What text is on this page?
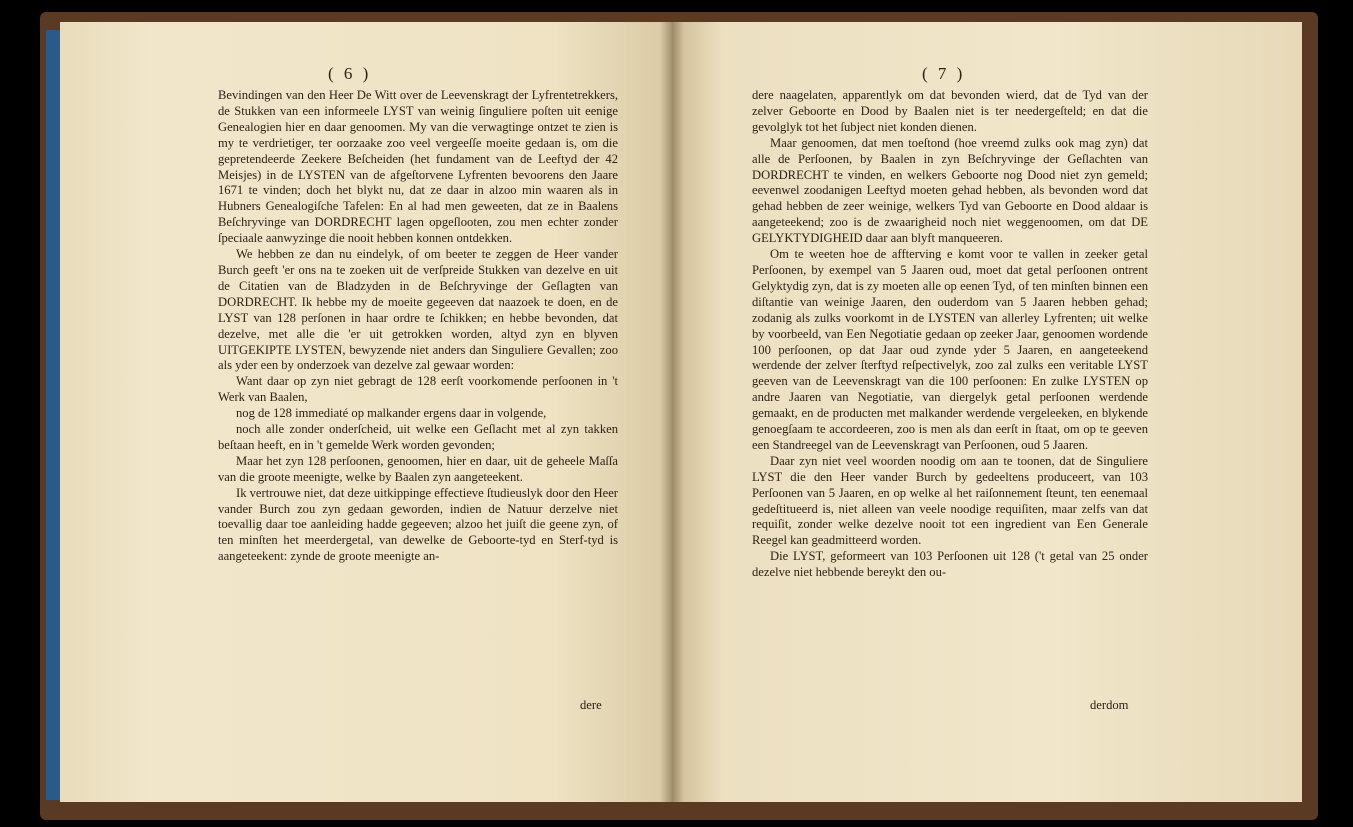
( 6 )

Bevindingen van den Heer De Witt over de Leevenskragt der Lyfrentetrekkers, de Stukken van een informeele LYST van weinig ſinguliere poſten uit eenige Genealogien hier en daar genoomen. My van die verwagtinge ontzet te zien is my te verdrietiger, ter oorzaake zoo veel vergeeſſe moeite gedaan is, om die gepretendeerde Zeekere Beſcheiden (het fundament van de Leeftyd der 42 Meisjes) in de LYSTEN van de afgeſtorvene Lyfrenten bevoorens den Jaare 1671 te vinden; doch het blykt nu, dat ze daar in alzoo min waaren als in Hubners Genealogiſche Tafelen: En al had men geweeten, dat ze in Baalens Beſchryvinge van DORDRECHT lagen opgeſlooten, zou men echter zonder ſpeciaale aanwyzinge die nooit hebben konnen ontdekken.

We hebben ze dan nu eindelyk, of om beeter te zeggen de Heer vander Burch geeft 'er ons na te zoeken uit de verſpreide Stukken van dezelve en uit de Citatien van de Bladzyden in de Beſchryvinge der Geſlagten van DORDRECHT. Ik hebbe my de moeite gegeeven dat naazoek te doen, en de LYST van 128 perſonen in haar ordre te ſchikken; en hebbe bevonden, dat dezelve, met alle die 'er uit getrokken worden, altyd zyn en blyven UITGEKIPTE LYSTEN, bewyzende niet anders dan Singuliere Gevallen; zoo als yder een by onderzoek van dezelve zal gewaar worden:

Want daar op zyn niet gebragt de 128 eerſt voorkomende perſoonen in 't Werk van Baalen,

nog de 128 immediaté op malkander ergens daar in volgende,

noch alle zonder onderſcheid, uit welke een Geſlacht met al zyn takken beſtaan heeft, en in 't gemelde Werk worden gevonden;

Maar het zyn 128 perſoonen, genoomen, hier en daar, uit de geheele Maſſa van die groote meenigte, welke by Baalen zyn aangeteekent.

Ik vertrouwe niet, dat deze uitkippinge effectieve ſtudieuslyk door den Heer vander Burch zou zyn gedaan geworden, indien de Natuur derzelve niet toevallig daar toe aanleiding hadde gegeeven; alzoo het juiſt die geene zyn, of ten minſten het meerdergetal, van dewelke de Geboorte-tyd en Sterf-tyd is aangeteekent: zynde de groote meenigte an-

dere
( 7 )

dere naagelaten, apparentlyk om dat bevonden wierd, dat de Tyd van der zelver Geboorte en Dood by Baalen niet is ter needergeſteld; en dat die gevolglyk tot het ſubject niet konden dienen.

Maar genoomen, dat men toeſtond (hoe vreemd zulks ook mag zyn) dat alle de Perſoonen, by Baalen in zyn Beſchryvinge der Geſlachten van DORDRECHT te vinden, en welkers Geboorte nog Dood niet zyn gemeld; eevenwel zoodanigen Leeftyd moeten gehad hebben, als bevonden word dat gehad hebben de zeer weinige, welkers Tyd van Geboorte en Dood aldaar is aangeteekend; zoo is de zwaarigheid noch niet weggenoomen, om dat DE GELYKTYDIGHEID daar aan blyft manqueeren.

Om te weeten hoe de affterving e komt voor te vallen in zeeker getal Perſoonen, by exempel van 5 Jaaren oud, moet dat getal perſoonen ontrent Gelyktydig zyn, dat is zy moeten alle op eenen Tyd, of ten minſten binnen een diſtantie van weinige Jaaren, den ouderdom van 5 Jaaren hebben gehad; zodanig als zulks voorkomt in de LYSTEN van allerley Lyfrenten; uit welke by voorbeeld, van Een Negotiatie gedaan op zeeker Jaar, genoomen wordende 100 perſoonen, op dat Jaar oud zynde yder 5 Jaaren, en aangeteekend werdende der zelver ſterftyd reſpectivelyk, zoo zal zulks een veritable LYST geeven van de Leevenskragt van die 100 perſoonen: En zulke LYSTEN op andre Jaaren van Negotiatie, van diergelyk getal perſoonen werdende gemaakt, en de producten met malkander werdende vergeleeken, en blykende genoegſaam te accordeeren, zoo is men als dan eerſt in ſtaat, om op te geeven een Standreegel van de Leevenskragt van Perſoonen, oud 5 Jaaren.

Daar zyn niet veel woorden noodig om aan te toonen, dat de Singuliere LYST die den Heer vander Burch by gedeeltens produceert, van 103 Perſoonen van 5 Jaaren, en op welke al het raiſonnement ſteunt, ten eenemaal gedeſtitueerd is, niet alleen van veele noodige requiſiten, maar zelfs van dat requiſit, zonder welke dezelve nooit tot een ingredient van Een Generale Reegel kan geadmitteerd worden.

Die LYST, geformeert van 103 Perſoonen uit 128 ('t getal van 25 onder dezelve niet hebbende bereykt den ou-

derdom
